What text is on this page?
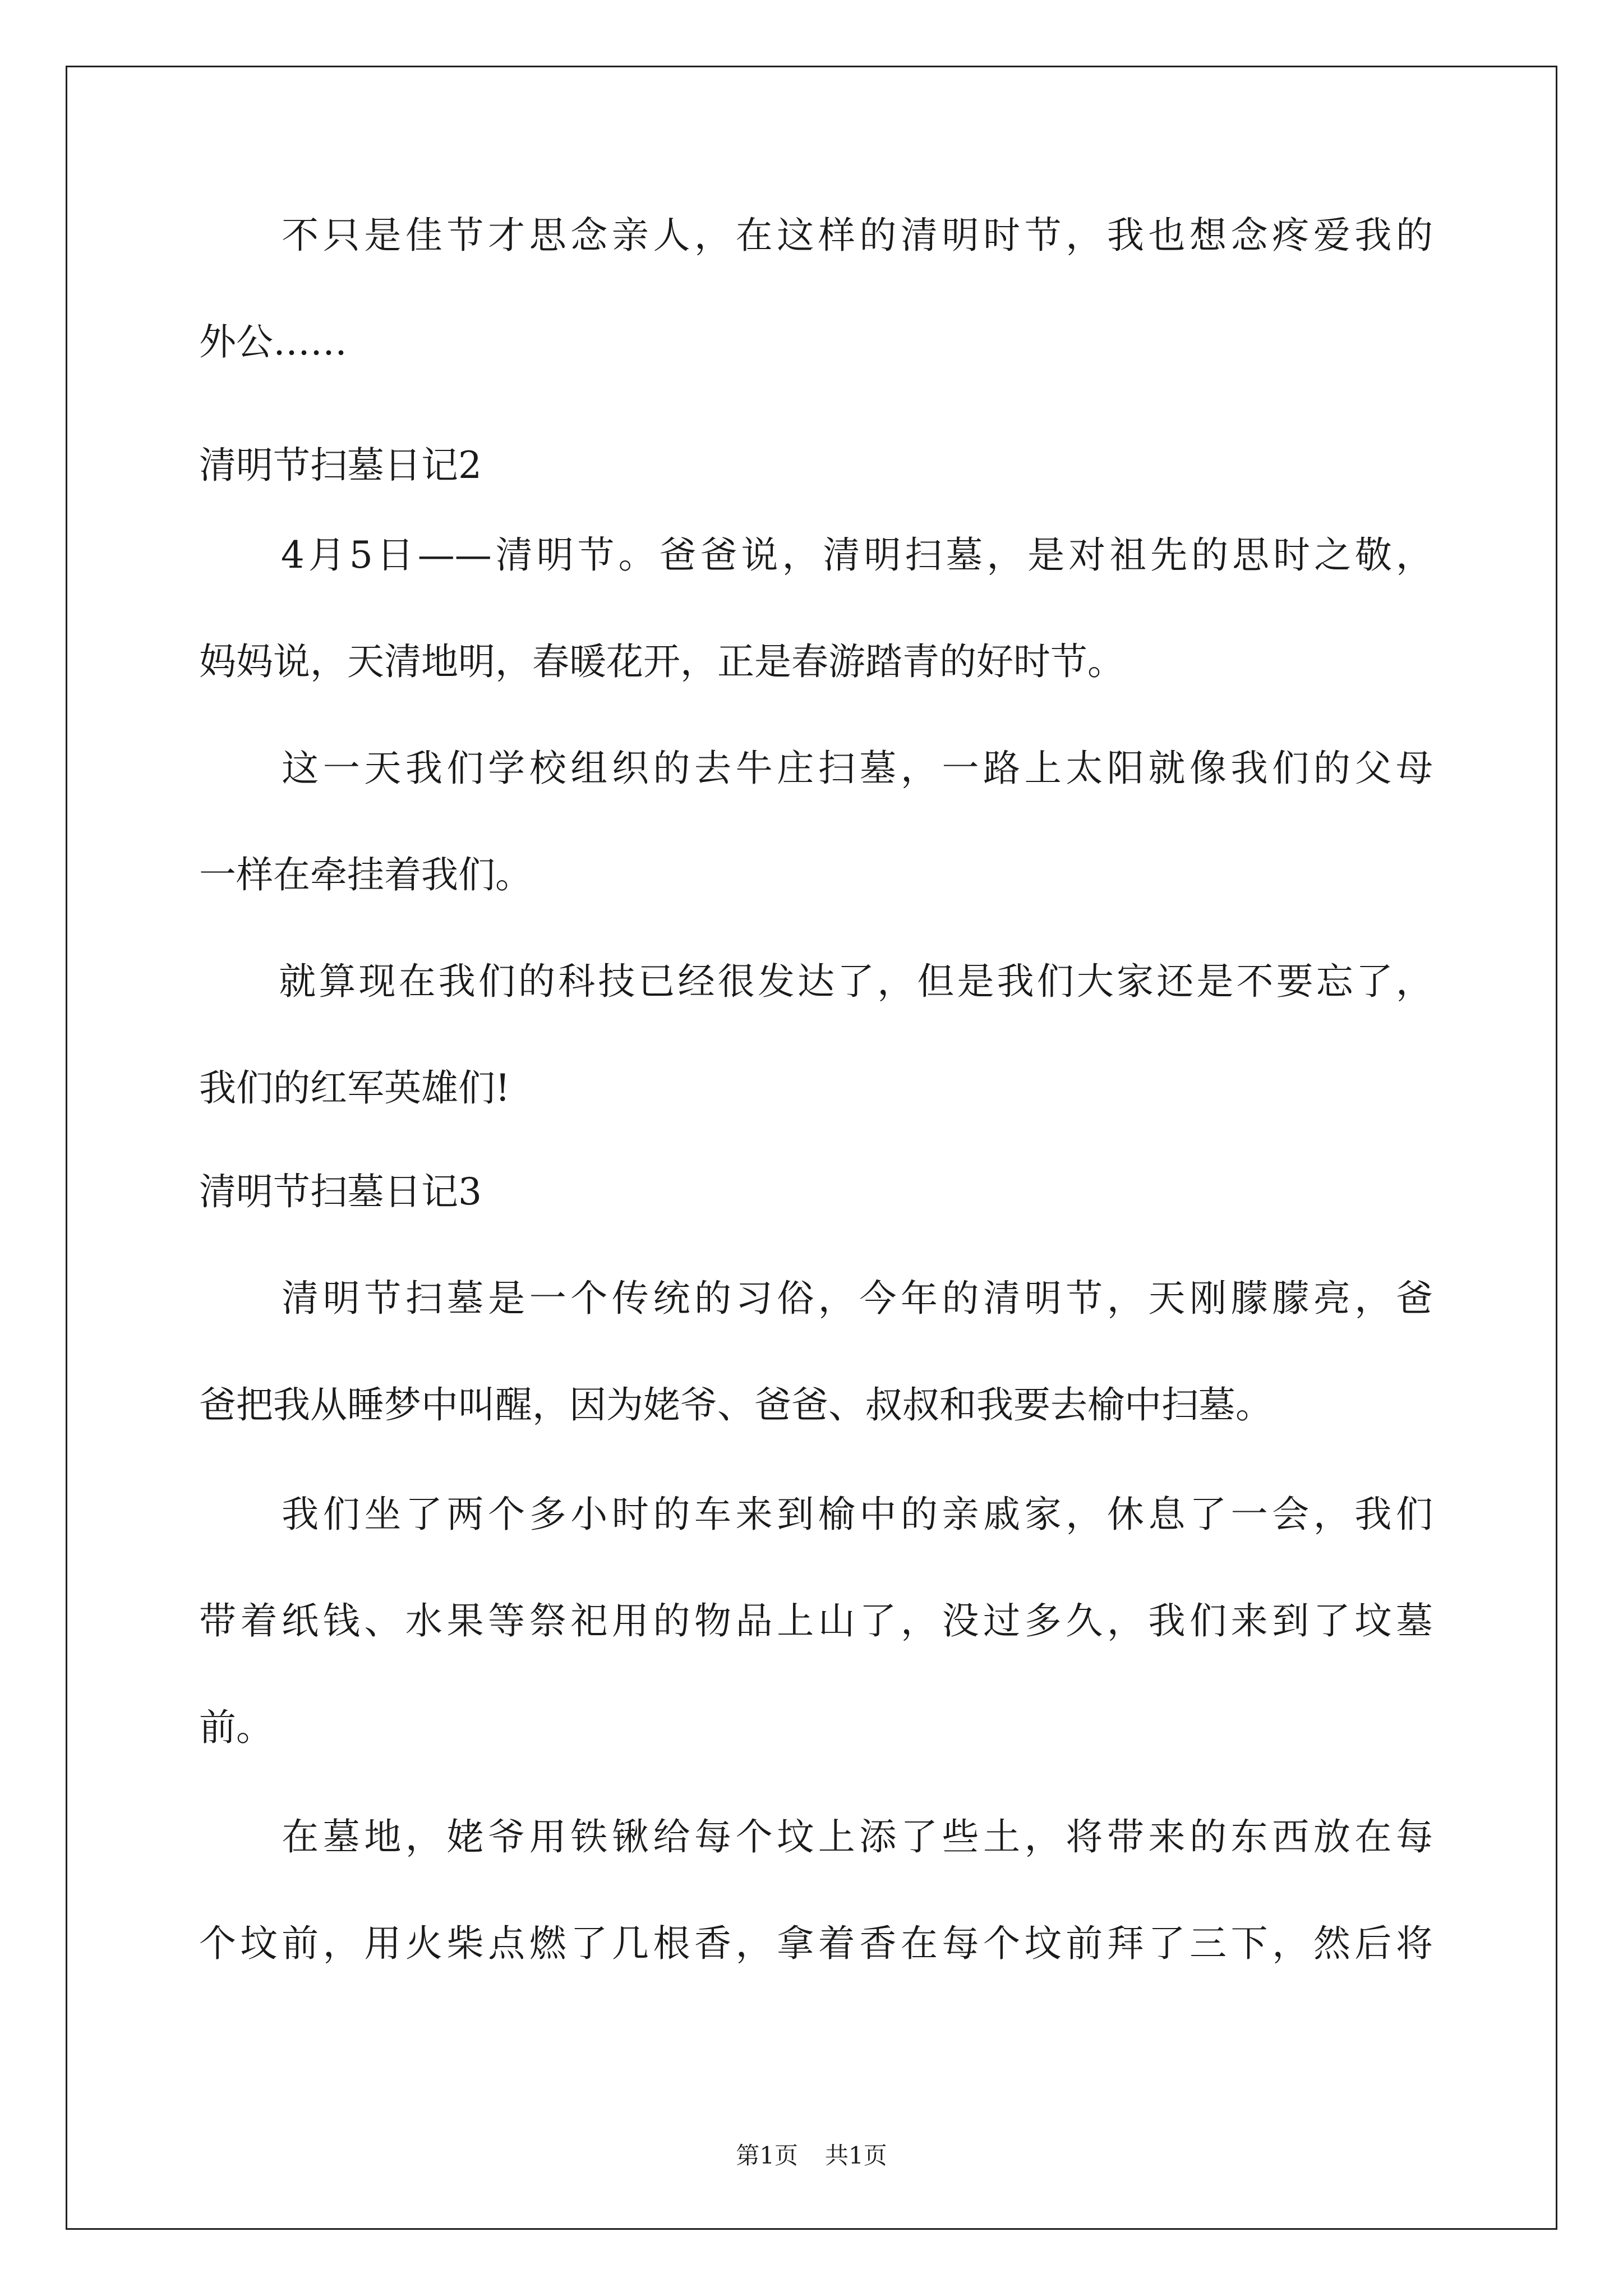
　　不只是佳节才思念亲人，在这样的清明时节，我也想念疼爱我的
外公……
清明节扫墓日记2
　　4月5日——清明节。爸爸说，清明扫墓，是对祖先的思时之敬，
妈妈说，天清地明，春暖花开，正是春游踏青的好时节。
　　这一天我们学校组织的去牛庄扫墓，一路上太阳就像我们的父母
一样在牵挂着我们。
　　就算现在我们的科技已经很发达了，但是我们大家还是不要忘了，
我们的红军英雄们!
清明节扫墓日记3
　　清明节扫墓是一个传统的习俗，今年的清明节，天刚朦朦亮，爸
爸把我从睡梦中叫醒，因为姥爷、爸爸、叔叔和我要去榆中扫墓。
　　我们坐了两个多小时的车来到榆中的亲戚家，休息了一会，我们
带着纸钱、水果等祭祀用的物品上山了，没过多久，我们来到了坟墓
前。
　　在墓地，姥爷用铁锹给每个坟上添了些土，将带来的东西放在每
个坟前，用火柴点燃了几根香，拿着香在每个坟前拜了三下，然后将
第1页 共1页
